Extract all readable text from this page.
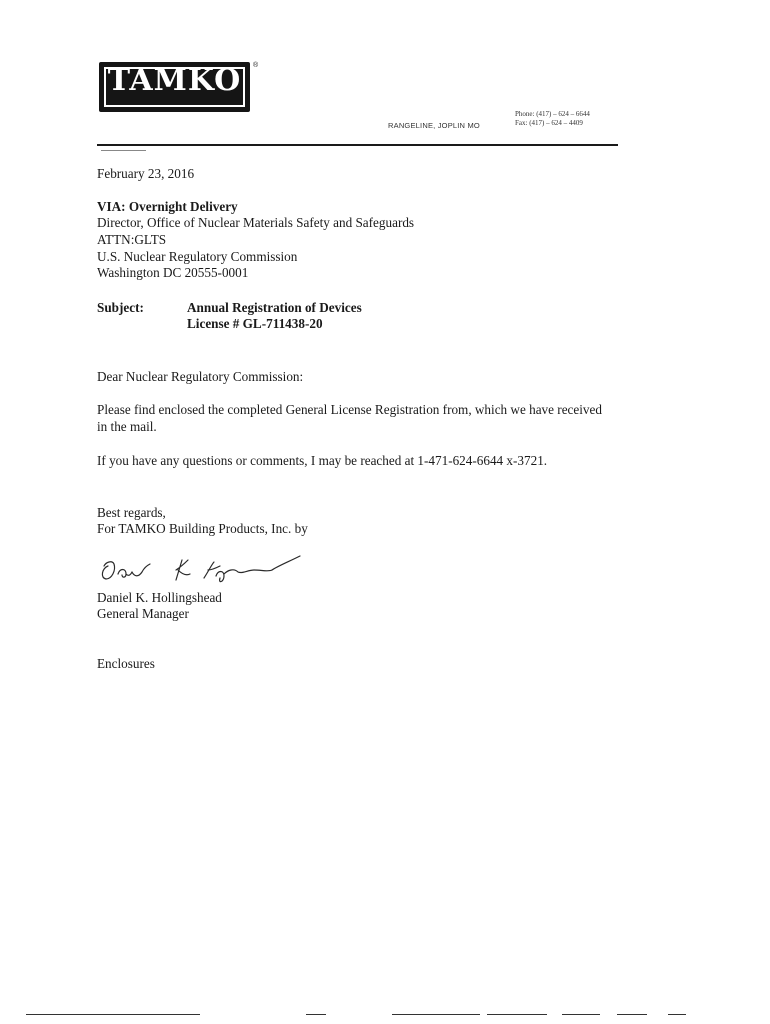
TAMKO	®
RANGELINE, JOPLIN MO
Phone: (417) – 624 – 6644
Fax: (417) – 624 – 4409
February 23, 2016
VIA: Overnight Delivery
Director, Office of Nuclear Materials Safety and Safeguards
ATTN:GLTS
U.S. Nuclear Regulatory Commission
Washington DC 20555-0001
Subject:	Annual Registration of Devices
License # GL-711438-20
Dear Nuclear Regulatory Commission:
Please find enclosed the completed General License Registration from, which we have received
in the mail.
If you have any questions or comments, I may be reached at 1-471-624-6644 x-3721.
Best regards,
For TAMKO Building Products, Inc. by
Daniel K. Hollingshead
General Manager
Enclosures
